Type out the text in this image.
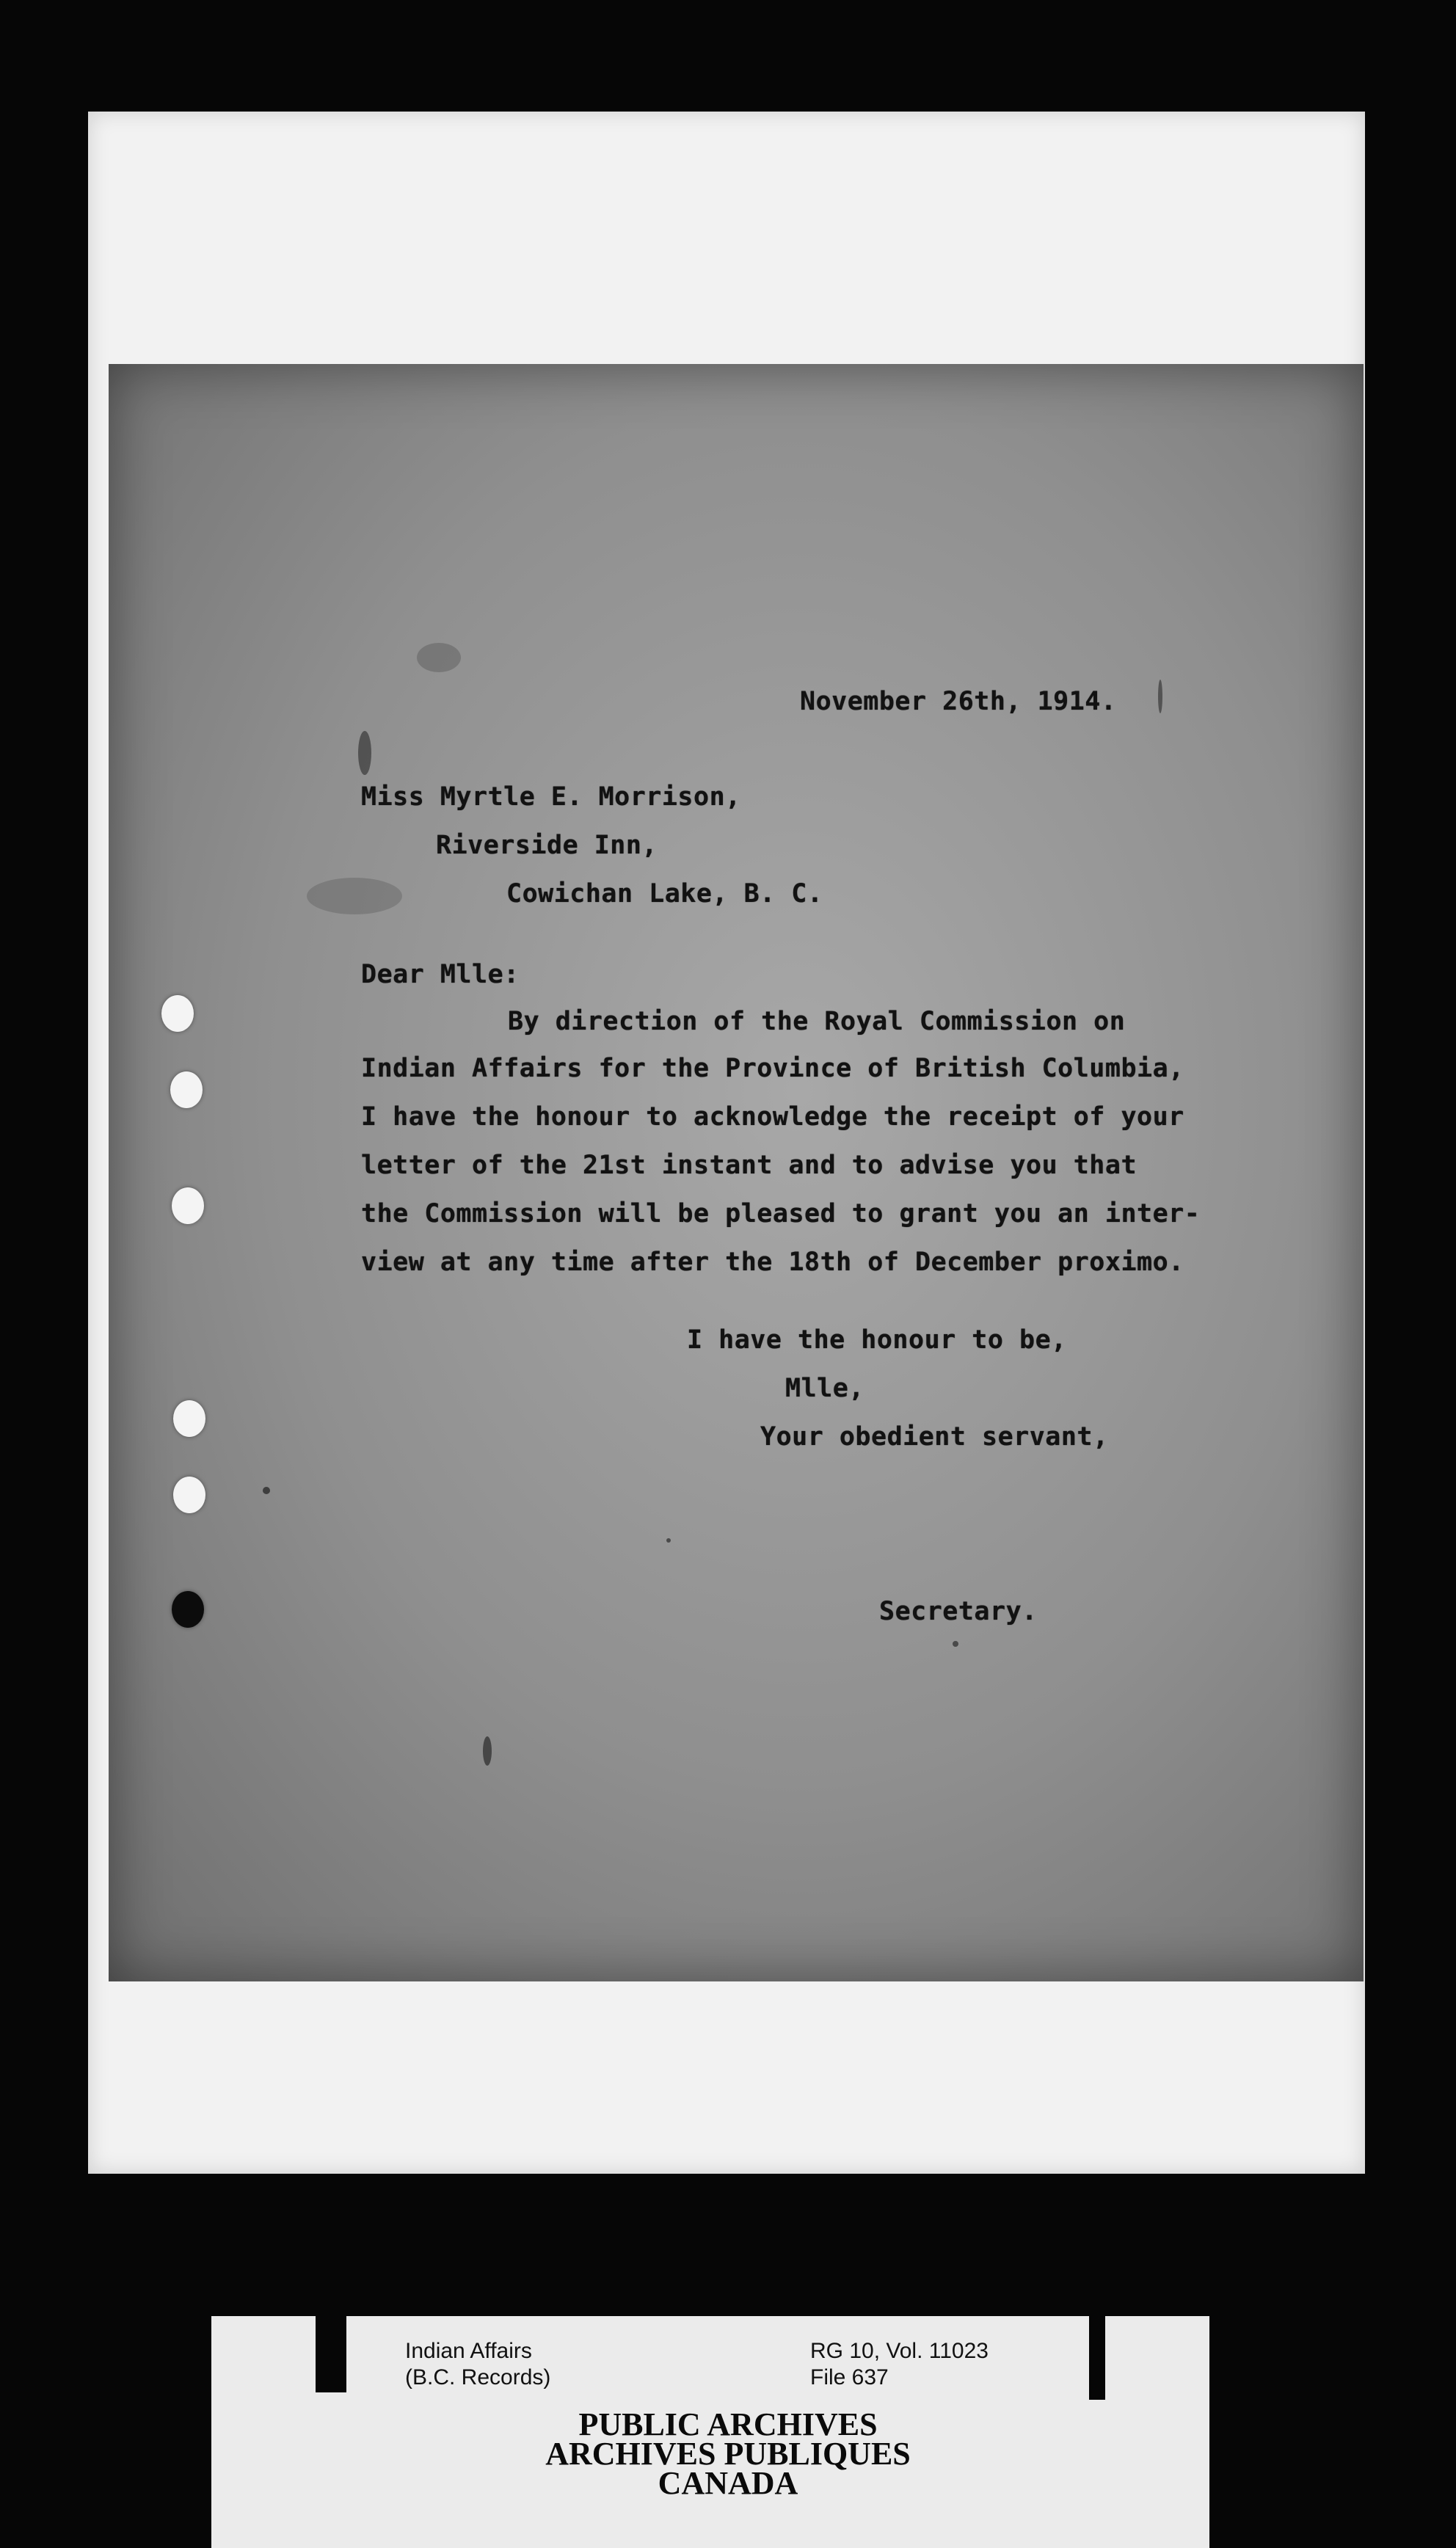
November 26th, 1914.
Miss Myrtle E. Morrison,
Riverside Inn,
Cowichan Lake, B. C.
Dear Mlle:
By direction of the Royal Commission on
Indian Affairs for the Province of British Columbia,
I have the honour to acknowledge the receipt of your
letter of the 21st instant and to advise you that
the Commission will be pleased to grant you an inter-
view at any time after the 18th of December proximo.
I have the honour to be,
Mlle,
Your obedient servant,
Secretary.
Indian Affairs
(B.C. Records)
RG 10, Vol. 11023
File 637
PUBLIC ARCHIVES
ARCHIVES PUBLIQUES
CANADA
